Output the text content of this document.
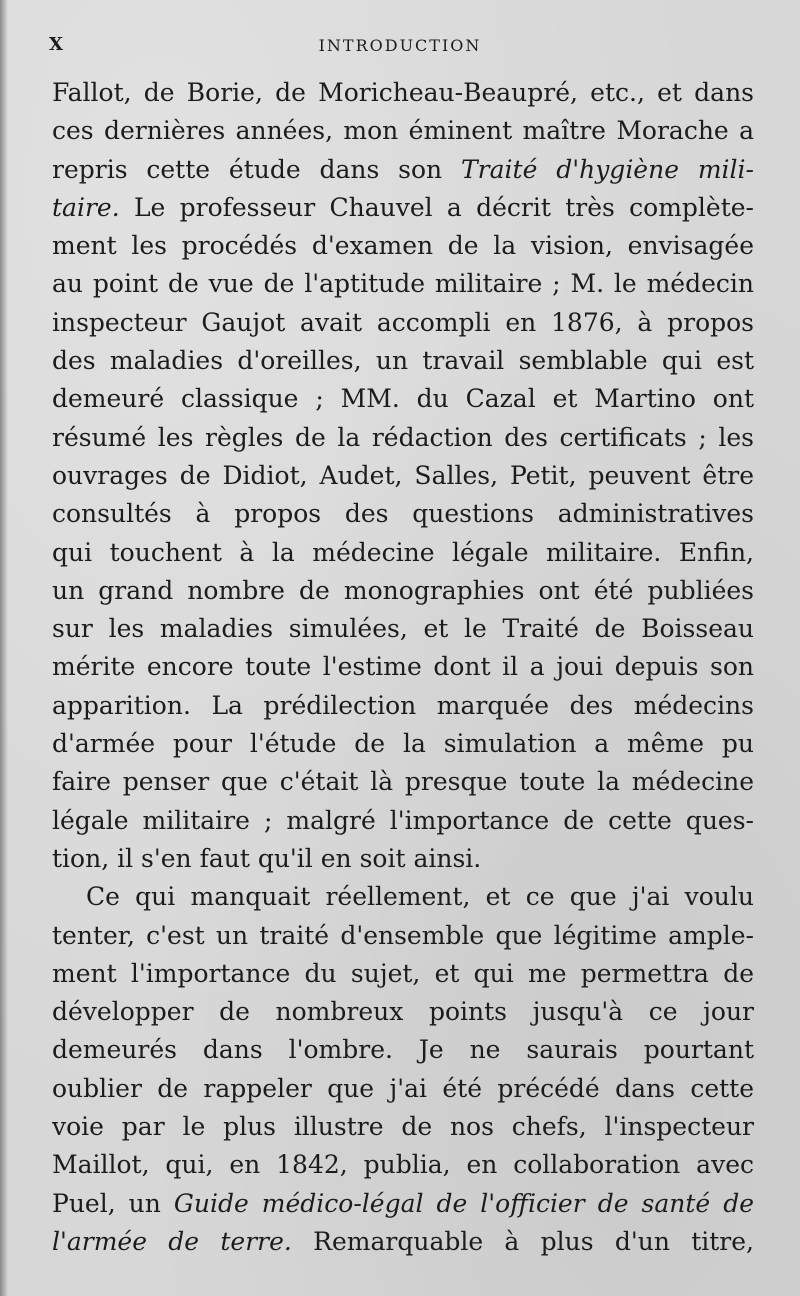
X	INTRODUCTION
Fallot, de Borie, de Moricheau-Beaupré, etc., et dans
ces dernières années, mon éminent maître Morache a
repris cette étude dans son Traité d'hygiène mili-
taire. Le professeur Chauvel a décrit très complète-
ment les procédés d'examen de la vision, envisagée
au point de vue de l'aptitude militaire ; M. le médecin
inspecteur Gaujot avait accompli en 1876, à propos
des maladies d'oreilles, un travail semblable qui est
demeuré classique ; MM. du Cazal et Martino ont
résumé les règles de la rédaction des certificats ; les
ouvrages de Didiot, Audet, Salles, Petit, peuvent être
consultés à propos des questions administratives
qui touchent à la médecine légale militaire. Enfin,
un grand nombre de monographies ont été publiées
sur les maladies simulées, et le Traité de Boisseau
mérite encore toute l'estime dont il a joui depuis son
apparition. La prédilection marquée des médecins
d'armée pour l'étude de la simulation a même pu
faire penser que c'était là presque toute la médecine
légale militaire ; malgré l'importance de cette ques-
tion, il s'en faut qu'il en soit ainsi.
Ce qui manquait réellement, et ce que j'ai voulu
tenter, c'est un traité d'ensemble que légitime ample-
ment l'importance du sujet, et qui me permettra de
développer de nombreux points jusqu'à ce jour
demeurés dans l'ombre. Je ne saurais pourtant
oublier de rappeler que j'ai été précédé dans cette
voie par le plus illustre de nos chefs, l'inspecteur
Maillot, qui, en 1842, publia, en collaboration avec
Puel, un Guide médico-légal de l'officier de santé de
l'armée de terre. Remarquable à plus d'un titre,
